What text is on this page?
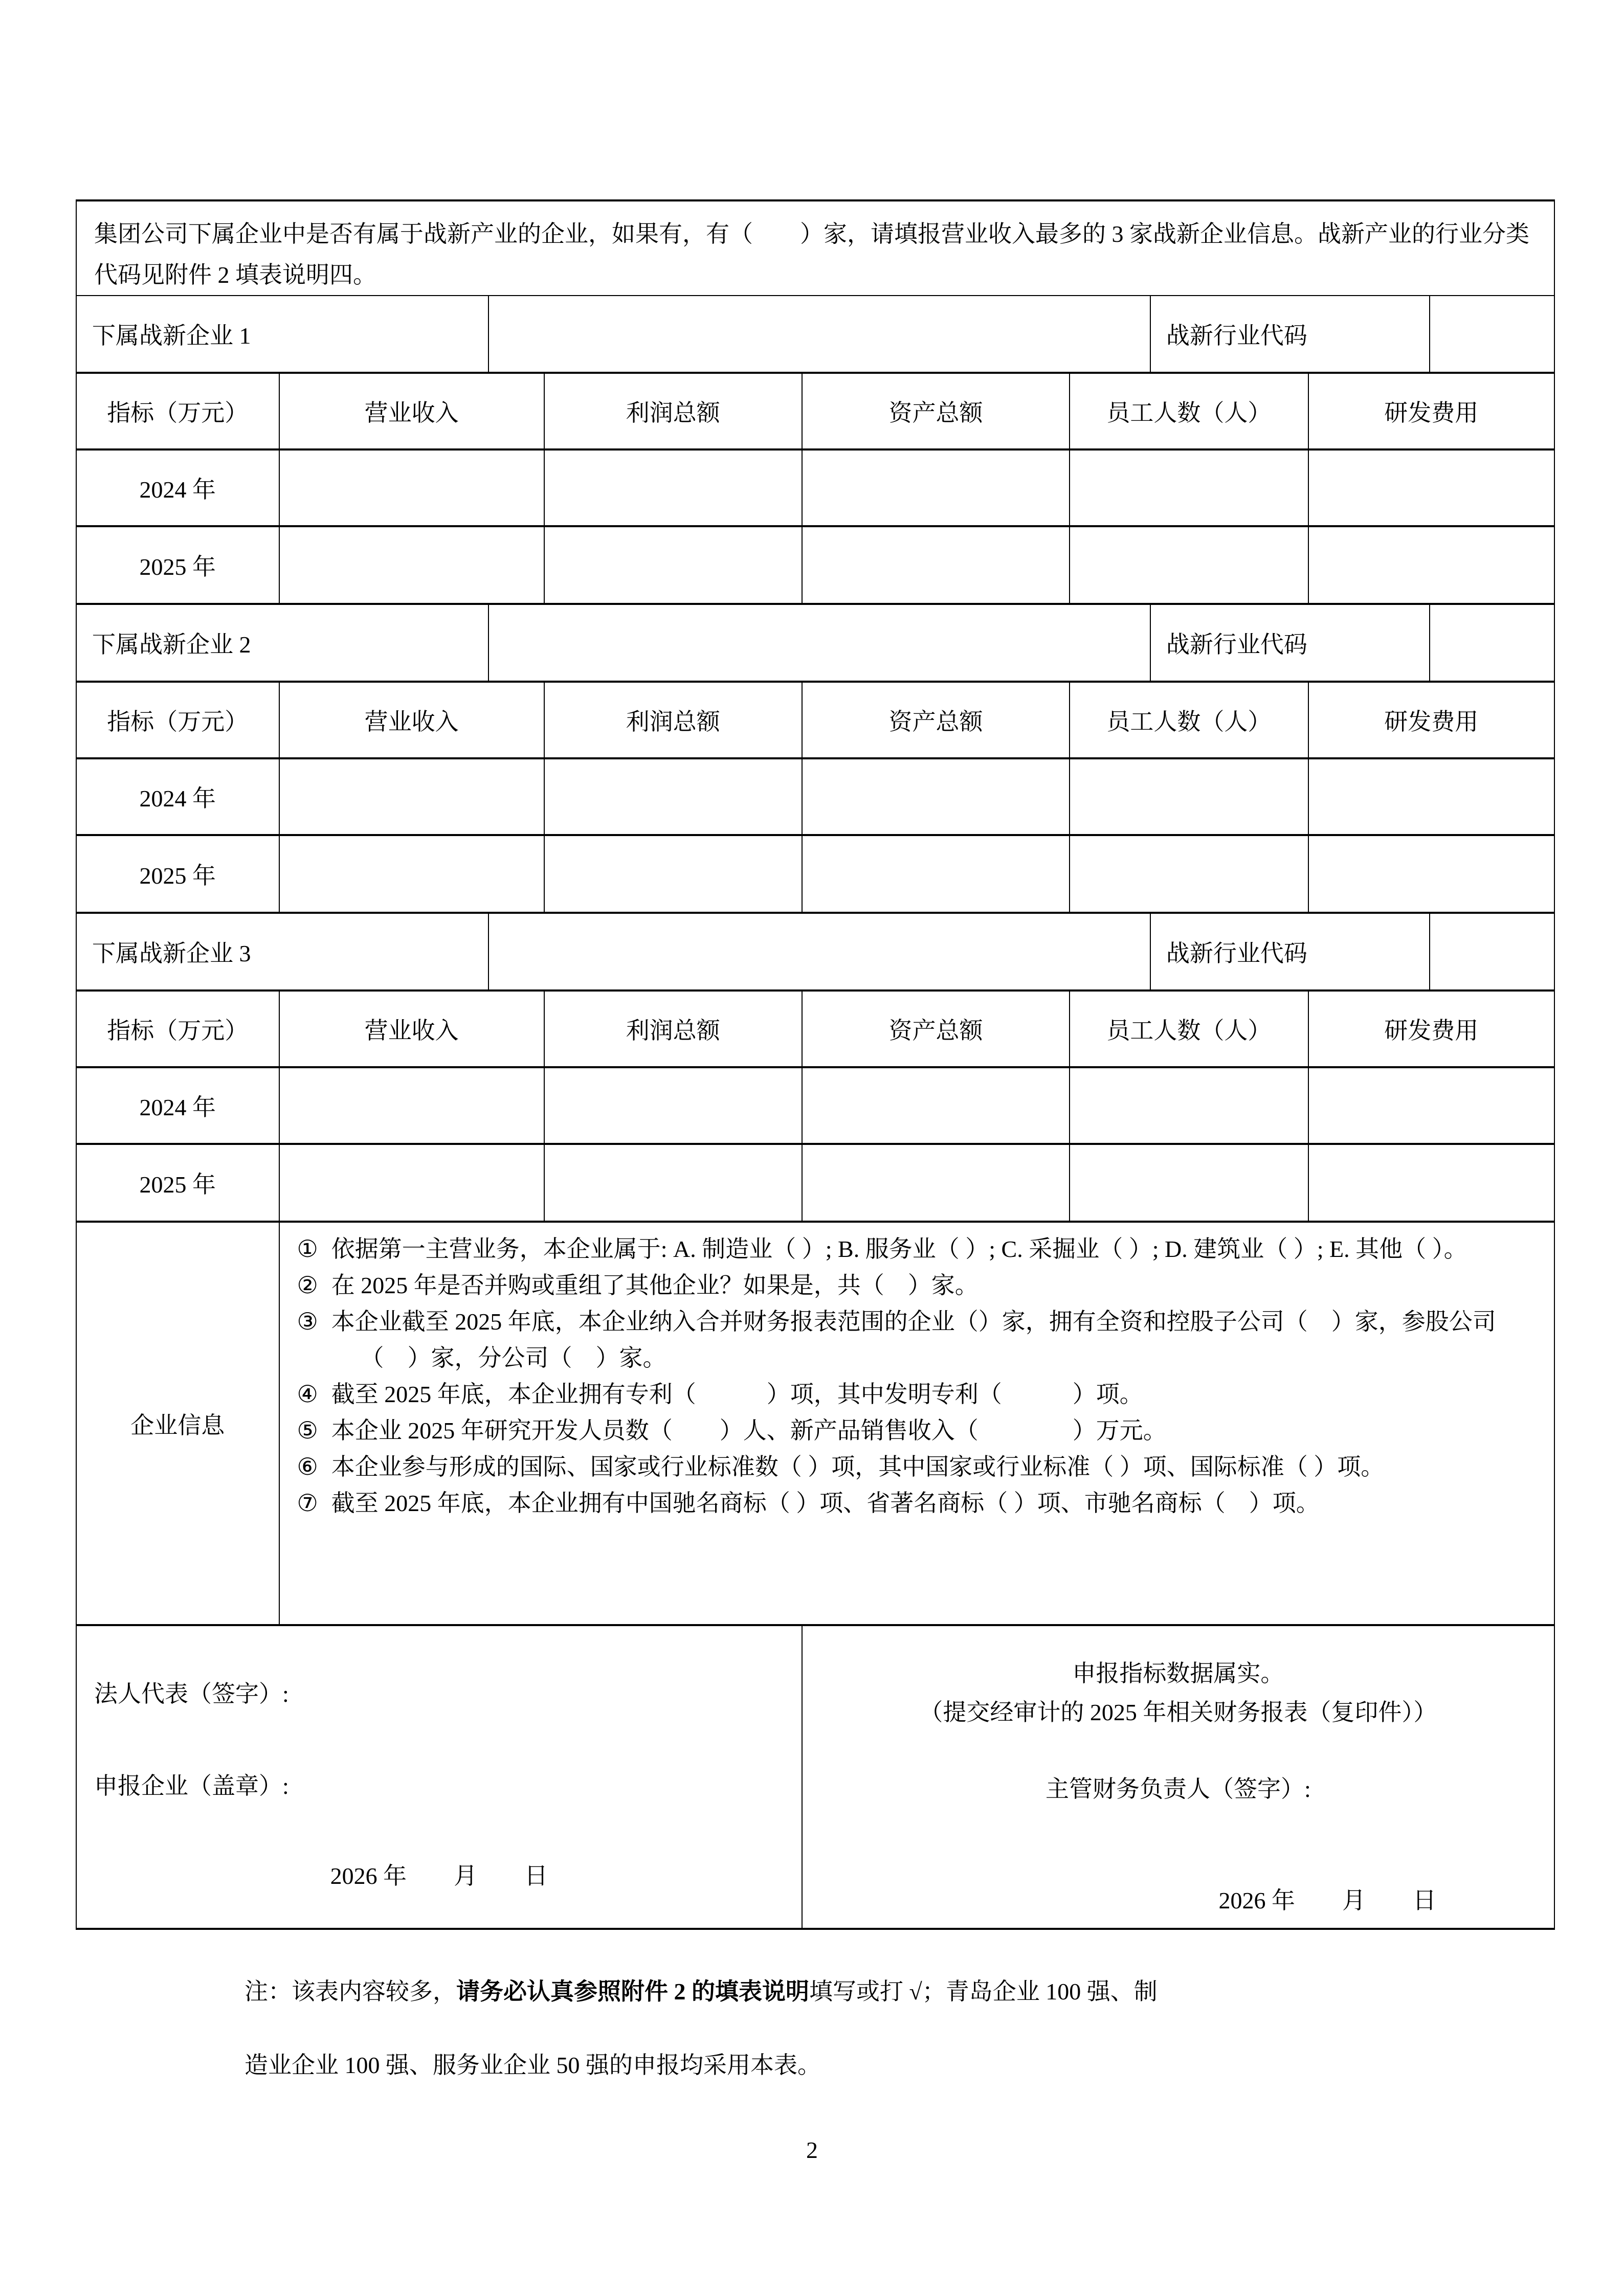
集团公司下属企业中是否有属于战新产业的企业，如果有，有（　　）家，请填报营业收入最多的 3 家战新企业信息。战新产业的行业分类代码见附件 2 填表说明四。
下属战新企业 1	战新行业代码
指标（万元）	营业收入	利润总额	资产总额	员工人数（人）	研发费用
2024 年
2025 年
下属战新企业 2	战新行业代码
指标（万元）	营业收入	利润总额	资产总额	员工人数（人）	研发费用
2024 年
2025 年
下属战新企业 3	战新行业代码
指标（万元）	营业收入	利润总额	资产总额	员工人数（人）	研发费用
2024 年
2025 年
企业信息
① 依据第一主营业务，本企业属于: A. 制造业（ ）; B. 服务业（ ）; C. 采掘业（ ）; D. 建筑业（ ）; E. 其他（ ）。
② 在 2025 年是否并购或重组了其他企业？如果是，共（　）家。
③ 本企业截至 2025 年底，本企业纳入合并财务报表范围的企业（）家，拥有全资和控股子公司（　）家，参股公司（　）家，分公司（　）家。
④ 截至 2025 年底，本企业拥有专利（　　　）项，其中发明专利（　　　）项。
⑤ 本企业 2025 年研究开发人员数（　　）人、新产品销售收入（　　　　）万元。
⑥ 本企业参与形成的国际、国家或行业标准数（ ）项，其中国家或行业标准（ ）项、国际标准（ ）项。
⑦ 截至 2025 年底，本企业拥有中国驰名商标（ ）项、省著名商标（ ）项、市驰名商标（　）项。
法人代表（签字）:
申报企业（盖章）:
2026 年　　月　　日
申报指标数据属实。
（提交经审计的 2025 年相关财务报表（复印件））
主管财务负责人（签字）:
2026 年　　月　　日
注：该表内容较多，请务必认真参照附件 2 的填表说明填写或打 √；青岛企业 100 强、制
造业企业 100 强、服务业企业 50 强的申报均采用本表。
2
